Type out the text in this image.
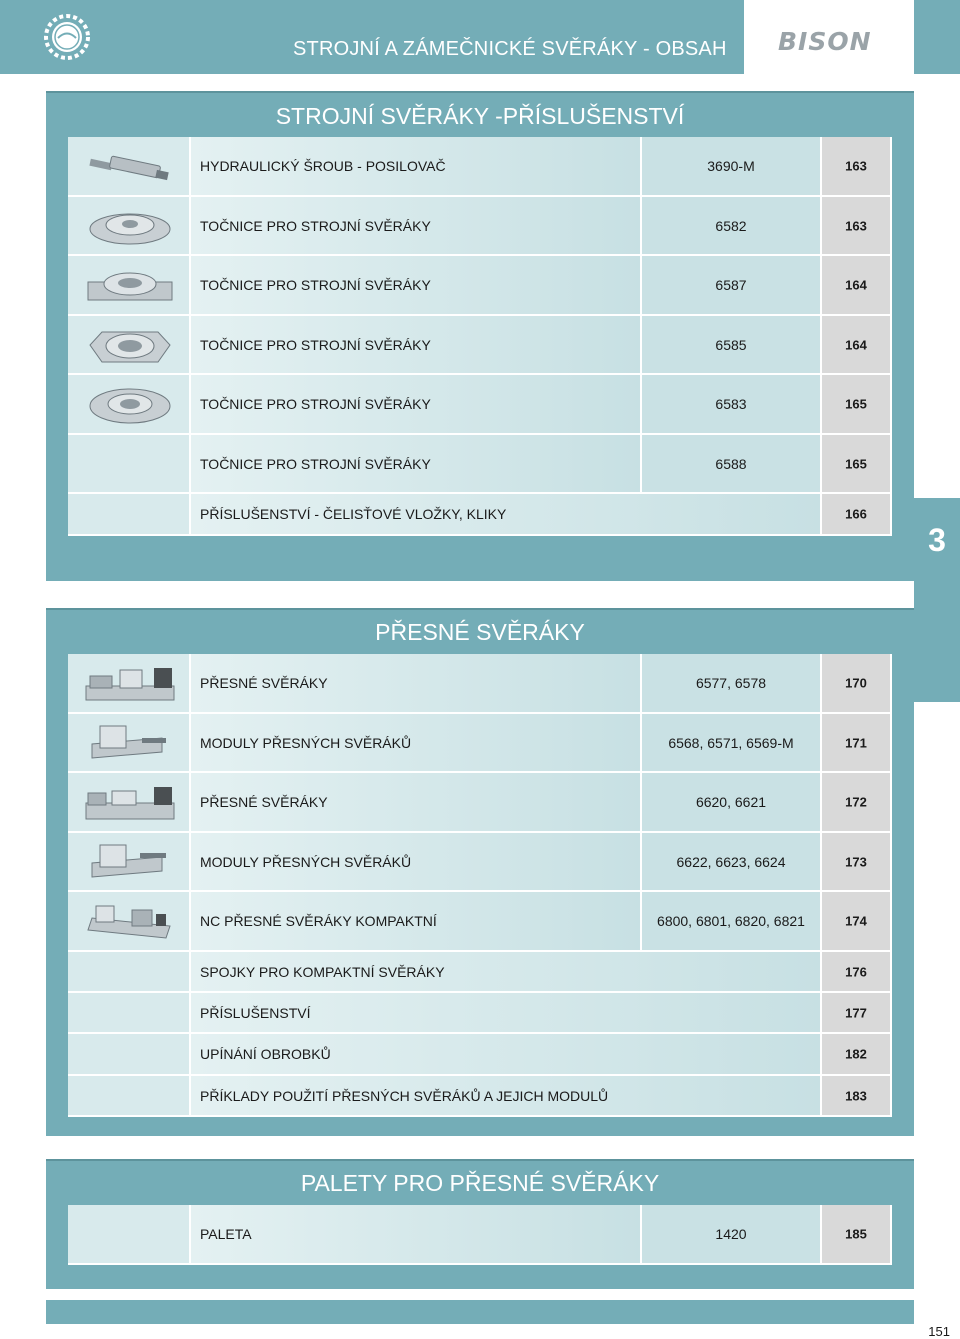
STROJNÍ A ZÁMEČNICKÉ SVĚRÁKY - OBSAH BISON
3
STROJNÍ SVĚRÁKY -PŘÍSLUŠENSTVÍ
HYDRAULICKÝ ŠROUB - POSILOVAČ	3690-M	163
TOČNICE PRO STROJNÍ SVĚRÁKY	6582	163
TOČNICE PRO STROJNÍ SVĚRÁKY	6587	164
TOČNICE PRO STROJNÍ SVĚRÁKY	6585	164
TOČNICE PRO STROJNÍ SVĚRÁKY	6583	165
TOČNICE PRO STROJNÍ SVĚRÁKY	6588	165
PŘÍSLUŠENSTVÍ - ČELISŤOVÉ VLOŽKY, KLIKY	166
PŘESNÉ SVĚRÁKY
PŘESNÉ SVĚRÁKY	6577, 6578	170
MODULY PŘESNÝCH SVĚRÁKŮ	6568, 6571, 6569-M	171
PŘESNÉ SVĚRÁKY	6620, 6621	172
MODULY PŘESNÝCH SVĚRÁKŮ	6622, 6623, 6624	173
NC PŘESNÉ SVĚRÁKY KOMPAKTNÍ	6800, 6801, 6820, 6821	174
SPOJKY PRO KOMPAKTNÍ SVĚRÁKY	176
PŘÍSLUŠENSTVÍ	177
UPÍNÁNÍ OBROBKŮ	182
PŘÍKLADY POUŽITÍ PŘESNÝCH SVĚRÁKŮ A JEJICH MODULŮ	183
PALETY PRO PŘESNÉ SVĚRÁKY
PALETA	1420	185
151
